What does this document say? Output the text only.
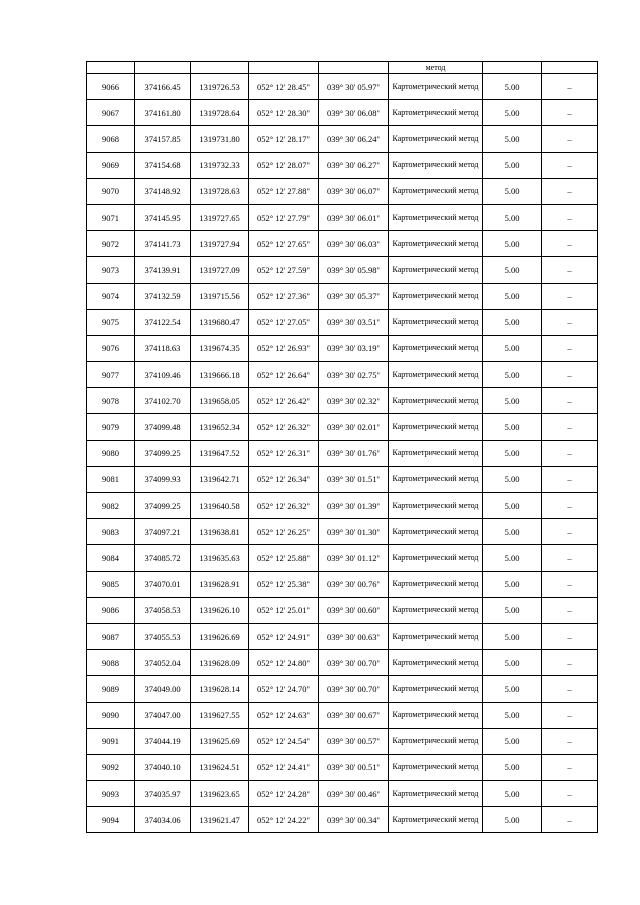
					метод		
9066	374166.45	1319726.53	052° 12' 28.45"	039° 30' 05.97"	Картометрический метод	5.00	–
9067	374161.80	1319728.64	052° 12' 28.30"	039° 30' 06.08"	Картометрический метод	5.00	–
9068	374157.85	1319731.80	052° 12' 28.17"	039° 30' 06.24"	Картометрический метод	5.00	–
9069	374154.68	1319732.33	052° 12' 28.07"	039° 30' 06.27"	Картометрический метод	5.00	–
9070	374148.92	1319728.63	052° 12' 27.88"	039° 30' 06.07"	Картометрический метод	5.00	–
9071	374145.95	1319727.65	052° 12' 27.79"	039° 30' 06.01"	Картометрический метод	5.00	–
9072	374141.73	1319727.94	052° 12' 27.65"	039° 30' 06.03"	Картометрический метод	5.00	–
9073	374139.91	1319727.09	052° 12' 27.59"	039° 30' 05.98"	Картометрический метод	5.00	–
9074	374132.59	1319715.56	052° 12' 27.36"	039° 30' 05.37"	Картометрический метод	5.00	–
9075	374122.54	1319680.47	052° 12' 27.05"	039° 30' 03.51"	Картометрический метод	5.00	–
9076	374118.63	1319674.35	052° 12' 26.93"	039° 30' 03.19"	Картометрический метод	5.00	–
9077	374109.46	1319666.18	052° 12' 26.64"	039° 30' 02.75"	Картометрический метод	5.00	–
9078	374102.70	1319658.05	052° 12' 26.42"	039° 30' 02.32"	Картометрический метод	5.00	–
9079	374099.48	1319652.34	052° 12' 26.32"	039° 30' 02.01"	Картометрический метод	5.00	–
9080	374099.25	1319647.52	052° 12' 26.31"	039° 30' 01.76"	Картометрический метод	5.00	–
9081	374099.93	1319642.71	052° 12' 26.34"	039° 30' 01.51"	Картометрический метод	5.00	–
9082	374099.25	1319640.58	052° 12' 26.32"	039° 30' 01.39"	Картометрический метод	5.00	–
9083	374097.21	1319638.81	052° 12' 26.25"	039° 30' 01.30"	Картометрический метод	5.00	–
9084	374085.72	1319635.63	052° 12' 25.88"	039° 30' 01.12"	Картометрический метод	5.00	–
9085	374070.01	1319628.91	052° 12' 25.38"	039° 30' 00.76"	Картометрический метод	5.00	–
9086	374058.53	1319626.10	052° 12' 25.01"	039° 30' 00.60"	Картометрический метод	5.00	–
9087	374055.53	1319626.69	052° 12' 24.91"	039° 30' 00.63"	Картометрический метод	5.00	–
9088	374052.04	1319628.09	052° 12' 24.80"	039° 30' 00.70"	Картометрический метод	5.00	–
9089	374049.00	1319628.14	052° 12' 24.70"	039° 30' 00.70"	Картометрический метод	5.00	–
9090	374047.00	1319627.55	052° 12' 24.63"	039° 30' 00.67"	Картометрический метод	5.00	–
9091	374044.19	1319625.69	052° 12' 24.54"	039° 30' 00.57"	Картометрический метод	5.00	–
9092	374040.10	1319624.51	052° 12' 24.41"	039° 30' 00.51"	Картометрический метод	5.00	–
9093	374035.97	1319623.65	052° 12' 24.28"	039° 30' 00.46"	Картометрический метод	5.00	–
9094	374034.06	1319621.47	052° 12' 24.22"	039° 30' 00.34"	Картометрический метод	5.00	–
